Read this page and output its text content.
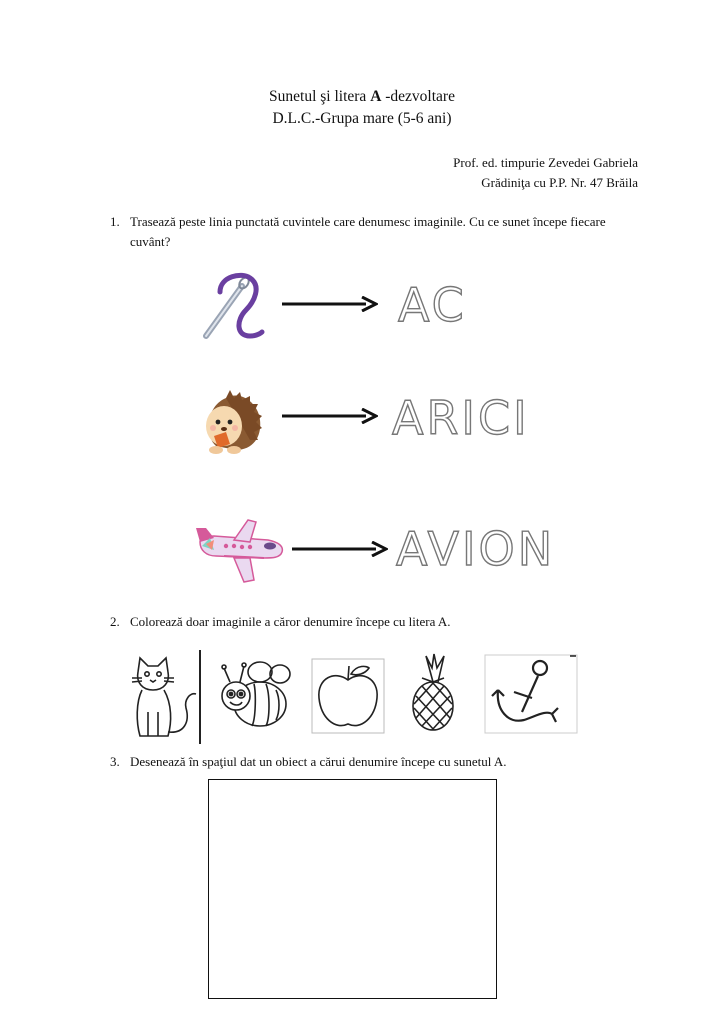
Sunetul şi litera A -dezvoltare
D.L.C.-Grupa mare (5-6 ani)
Prof. ed. timpurie Zevedei Gabriela
Grădiniţa cu P.P. Nr. 47 Brăila
1. Trasează peste linia punctată cuvintele care denumesc imaginile. Cu ce sunet începe fiecare cuvânt?
AC
ARICI
AVION
2. Colorează doar imaginile a căror denumire începe cu litera A.
3. Desenează în spaţiul dat un obiect a cărui denumire începe cu sunetul A.
